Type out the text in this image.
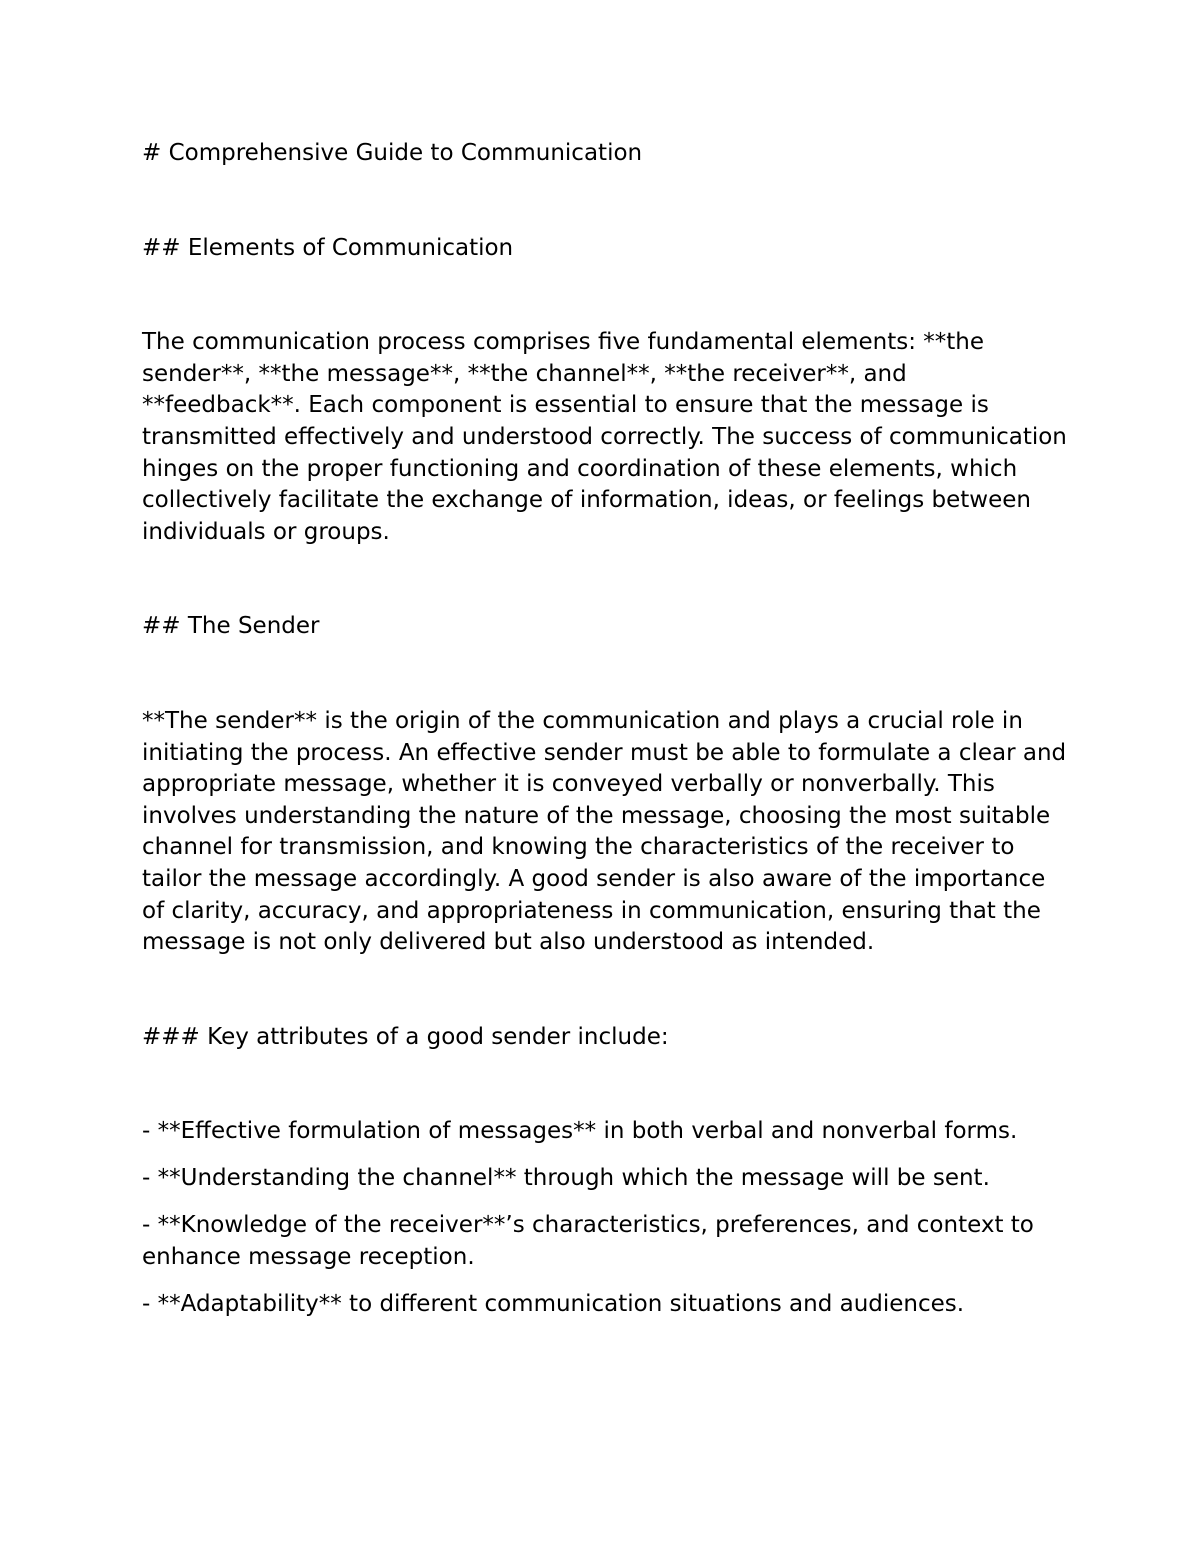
# Comprehensive Guide to Communication

## Elements of Communication

The communication process comprises five fundamental elements: **the sender**, **the message**, **the channel**, **the receiver**, and **feedback**. Each component is essential to ensure that the message is transmitted effectively and understood correctly. The success of communication hinges on the proper functioning and coordination of these elements, which collectively facilitate the exchange of information, ideas, or feelings between individuals or groups.

## The Sender

**The sender** is the origin of the communication and plays a crucial role in initiating the process. An effective sender must be able to formulate a clear and appropriate message, whether it is conveyed verbally or nonverbally. This involves understanding the nature of the message, choosing the most suitable channel for transmission, and knowing the characteristics of the receiver to tailor the message accordingly. A good sender is also aware of the importance of clarity, accuracy, and appropriateness in communication, ensuring that the message is not only delivered but also understood as intended.

### Key attributes of a good sender include:

- **Effective formulation of messages** in both verbal and nonverbal forms.

- **Understanding the channel** through which the message will be sent.

- **Knowledge of the receiver**’s characteristics, preferences, and context to enhance message reception.

- **Adaptability** to different communication situations and audiences.
